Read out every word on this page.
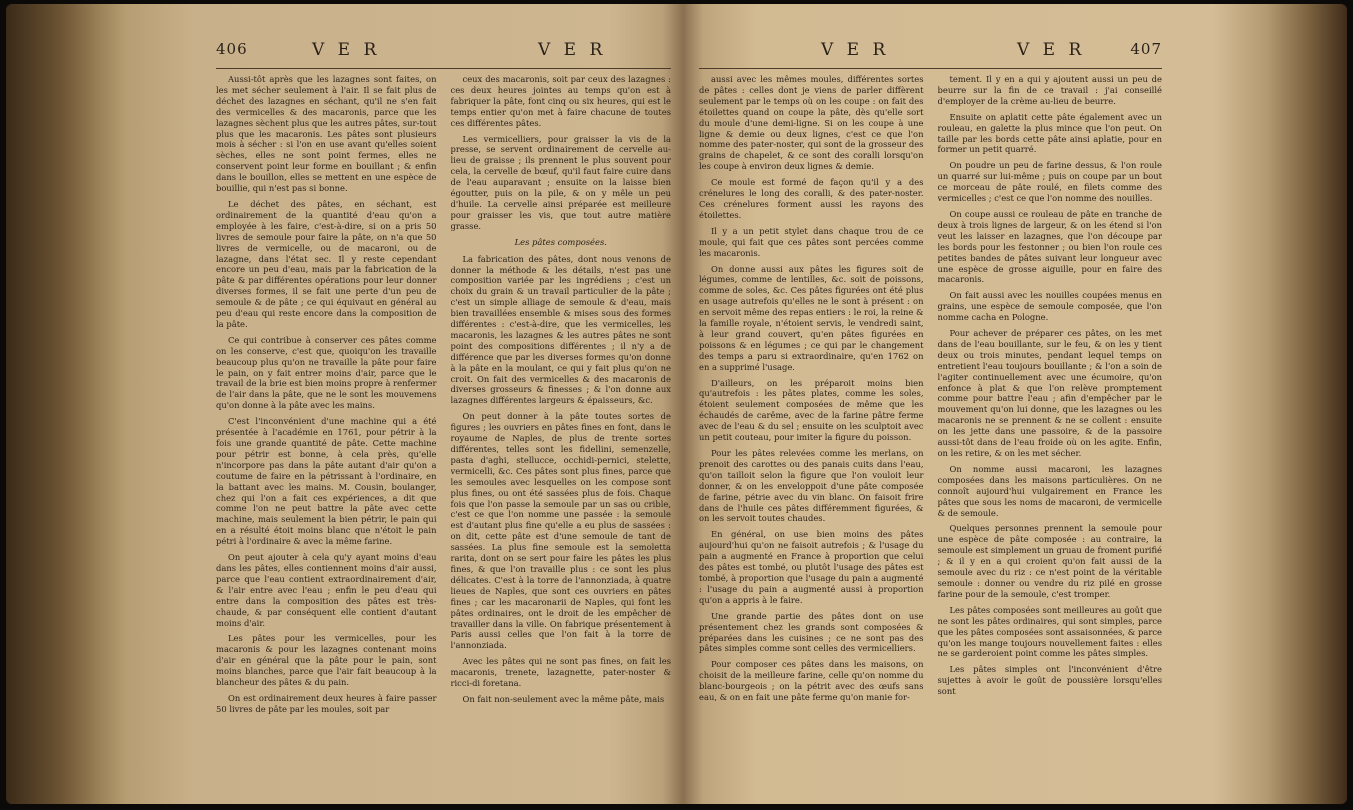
406	V E R	V E R

Aussi-tôt après que les lazagnes sont faites, on les met sécher seulement à l'air. Il se fait plus de déchet des lazagnes en séchant, qu'il ne s'en fait des vermicelles & des macaronis, parce que les lazagnes sèchent plus que les autres pâtes, sur-tout plus que les macaronis. Les pâtes sont plusieurs mois à sécher : si l'on en use avant qu'elles soient sèches, elles ne sont point fermes, elles ne conservent point leur forme en bouillant ; & enfin dans le bouillon, elles se mettent en une espèce de bouillie, qui n'est pas si bonne.

Le déchet des pâtes, en séchant, est ordinairement de la quantité d'eau qu'on a employée à les faire, c'est-à-dire, si on a pris 50 livres de semoule pour faire la pâte, on n'a que 50 livres de vermicelle, ou de macaroni, ou de lazagne, dans l'état sec. Il y reste cependant encore un peu d'eau, mais par la fabrication de la pâte & par différentes opérations pour leur donner diverses formes, il se fait une perte d'un peu de semoule & de pâte ; ce qui équivaut en général au peu d'eau qui reste encore dans la composition de la pâte.

Ce qui contribue à conserver ces pâtes comme on les conserve, c'est que, quoiqu'on les travaille beaucoup plus qu'on ne travaille la pâte pour faire le pain, on y fait entrer moins d'air, parce que le travail de la brie est bien moins propre à renfermer de l'air dans la pâte, que ne le sont les mouvemens qu'on donne à la pâte avec les mains.

C'est l'inconvénient d'une machine qui a été présentée à l'académie en 1761, pour pétrir à la fois une grande quantité de pâte. Cette machine pour pétrir est bonne, à cela près, qu'elle n'incorpore pas dans la pâte autant d'air qu'on a coutume de faire en la pétrissant à l'ordinaire, en la battant avec les mains. M. Cousin, boulanger, chez qui l'on a fait ces expériences, a dit que comme l'on ne peut battre la pâte avec cette machine, mais seulement la bien pétrir, le pain qui en a résulté étoit moins blanc que n'étoit le pain pétri à l'ordinaire & avec la même farine.

On peut ajouter à cela qu'y ayant moins d'eau dans les pâtes, elles contiennent moins d'air aussi, parce que l'eau contient extraordinairement d'air, & l'air entre avec l'eau ; enfin le peu d'eau qui entre dans la composition des pâtes est très-chaude, & par conséquent elle contient d'autant moins d'air.

Les pâtes pour les vermicelles, pour les macaronis & pour les lazagnes contenant moins d'air en général que la pâte pour le pain, sont moins blanches, parce que l'air fait beaucoup à la blancheur des pâtes & du pain.

On est ordinairement deux heures à faire passer 50 livres de pâte par les moules, soit par

ceux des macaronis, soit par ceux des lazagnes : ces deux heures jointes au temps qu'on est à fabriquer la pâte, font cinq ou six heures, qui est le temps entier qu'on met à faire chacune de toutes ces différentes pâtes.

Les vermicelliers, pour graisser la vis de la presse, se servent ordinairement de cervelle au-lieu de graisse ; ils prennent le plus souvent pour cela, la cervelle de bœuf, qu'il faut faire cuire dans de l'eau auparavant ; ensuite on la laisse bien égoutter, puis on la pile, & on y mêle un peu d'huile. La cervelle ainsi préparée est meilleure pour graisser les vis, que tout autre matière grasse.

Les pâtes composées.

La fabrication des pâtes, dont nous venons de donner la méthode & les détails, n'est pas une composition variée par les ingrédiens ; c'est un choix du grain & un travail particulier de la pâte ; c'est un simple alliage de semoule & d'eau, mais bien travaillées ensemble & mises sous des formes différentes : c'est-à-dire, que les vermicelles, les macaronis, les lazagnes & les autres pâtes ne sont point des compositions différentes ; il n'y a de différence que par les diverses formes qu'on donne à la pâte en la moulant, ce qui y fait plus qu'on ne croit. On fait des vermicelles & des macaronis de diverses grosseurs & finesses ; & l'on donne aux lazagnes différentes largeurs & épaisseurs, &c.

On peut donner à la pâte toutes sortes de figures ; les ouvriers en pâtes fines en font, dans le royaume de Naples, de plus de trente sortes différentes, telles sont les fidellini, semenzelle, pasta d'aghi, stellucce, occhidi-pernici, stelette, vermicelli, &c. Ces pâtes sont plus fines, parce que les semoules avec lesquelles on les compose sont plus fines, ou ont été sassées plus de fois. Chaque fois que l'on passe la semoule par un sas ou crible, c'est ce que l'on nomme une passée : la semoule est d'autant plus fine qu'elle a eu plus de sassées : on dit, cette pâte est d'une semoule de tant de sassées. La plus fine semoule est la semoletta rarita, dont on se sert pour faire les pâtes les plus fines, & que l'on travaille plus : ce sont les plus délicates. C'est à la torre de l'annonziada, à quatre lieues de Naples, que sont ces ouvriers en pâtes fines ; car les macaronarii de Naples, qui font les pâtes ordinaires, ont le droit de les empêcher de travailler dans la ville. On fabrique présentement à Paris aussi celles que l'on fait à la torre de l'annonziada.

Avec les pâtes qui ne sont pas fines, on fait les macaronis, trenete, lazagnette, pater-noster & ricci-di foretana.

On fait non-seulement avec la même pâte, mais

V E R	V E R	407

aussi avec les mêmes moules, différentes sortes de pâtes : celles dont je viens de parler diffèrent seulement par le temps où on les coupe : on fait des étoilettes quand on coupe la pâte, dès qu'elle sort du moule d'une demi-ligne. Si on les coupe à une ligne & demie ou deux lignes, c'est ce que l'on nomme des pater-noster, qui sont de la grosseur des grains de chapelet, & ce sont des coralli lorsqu'on les coupe à environ deux lignes & demie.

Ce moule est formé de façon qu'il y a des crénelures le long des coralli, & des pater-noster. Ces crénelures forment aussi les rayons des étoilettes.

Il y a un petit stylet dans chaque trou de ce moule, qui fait que ces pâtes sont percées comme les macaronis.

On donne aussi aux pâtes les figures soit de légumes, comme de lentilles, &c. soit de poissons, comme de soles, &c. Ces pâtes figurées ont été plus en usage autrefois qu'elles ne le sont à présent : on en servoit même des repas entiers : le roi, la reine & la famille royale, n'étoient servis, le vendredi saint, à leur grand couvert, qu'en pâtes figurées en poissons & en légumes ; ce qui par le changement des temps a paru si extraordinaire, qu'en 1762 on en a supprimé l'usage.

D'ailleurs, on les préparoit moins bien qu'autrefois : les pâtes plates, comme les soles, étoient seulement composées de même que les échaudés de carême, avec de la farine pâtre ferme avec de l'eau & du sel ; ensuite on les sculptoit avec un petit couteau, pour imiter la figure du poisson.

Pour les pâtes relevées comme les merlans, on prenoit des carottes ou des panais cuits dans l'eau, qu'on tailloit selon la figure que l'on vouloit leur donner, & on les enveloppoit d'une pâte composée de farine, pétrie avec du vin blanc. On faisoit frire dans de l'huile ces pâtes différemment figurées, & on les servoit toutes chaudes.

En général, on use bien moins des pâtes aujourd'hui qu'on ne faisoit autrefois ; & l'usage du pain a augmenté en France à proportion que celui des pâtes est tombé, ou plutôt l'usage des pâtes est tombé, à proportion que l'usage du pain a augmenté : l'usage du pain a augmenté aussi à proportion qu'on a appris à le faire.

Une grande partie des pâtes dont on use présentement chez les grands sont composées & préparées dans les cuisines ; ce ne sont pas des pâtes simples comme sont celles des vermicelliers.

Pour composer ces pâtes dans les maisons, on choisit de la meilleure farine, celle qu'on nomme du blanc-bourgeois ; on la pétrit avec des œufs sans eau, & on en fait une pâte ferme qu'on manie for-

tement. Il y en a qui y ajoutent aussi un peu de beurre sur la fin de ce travail : j'ai conseillé d'employer de la crème au-lieu de beurre.

Ensuite on aplatit cette pâte également avec un rouleau, en galette la plus mince que l'on peut. On taille par les bords cette pâte ainsi aplatie, pour en former un petit quarré.

On poudre un peu de farine dessus, & l'on roule un quarré sur lui-même ; puis on coupe par un bout ce morceau de pâte roulé, en filets comme des vermicelles ; c'est ce que l'on nomme des nouilles.

On coupe aussi ce rouleau de pâte en tranche de deux à trois lignes de largeur, & on les étend si l'on veut les laisser en lazagnes, que l'on découpe par les bords pour les festonner ; ou bien l'on roule ces petites bandes de pâtes suivant leur longueur avec une espèce de grosse aiguille, pour en faire des macaronis.

On fait aussi avec les nouilles coupées menus en grains, une espèce de semoule composée, que l'on nomme cacha en Pologne.

Pour achever de préparer ces pâtes, on les met dans de l'eau bouillante, sur le feu, & on les y tient deux ou trois minutes, pendant lequel temps on entretient l'eau toujours bouillante ; & l'on a soin de l'agiter continuellement avec une écumoire, qu'on enfonce à plat & que l'on relève promptement comme pour battre l'eau ; afin d'empêcher par le mouvement qu'on lui donne, que les lazagnes ou les macaronis ne se prennent & ne se collent : ensuite on les jette dans une passoire, & de la passoire aussi-tôt dans de l'eau froide où on les agite. Enfin, on les retire, & on les met sécher.

On nomme aussi macaroni, les lazagnes composées dans les maisons particulières. On ne connoît aujourd'hui vulgairement en France les pâtes que sous les noms de macaroni, de vermicelle & de semoule.

Quelques personnes prennent la semoule pour une espèce de pâte composée : au contraire, la semoule est simplement un gruau de froment purifié ; & il y en a qui croient qu'on fait aussi de la semoule avec du riz : ce n'est point de la véritable semoule : donner ou vendre du riz pilé en grosse farine pour de la semoule, c'est tromper.

Les pâtes composées sont meilleures au goût que ne sont les pâtes ordinaires, qui sont simples, parce que les pâtes composées sont assaisonnées, & parce qu'on les mange toujours nouvellement faites : elles ne se garderoient point comme les pâtes simples.

Les pâtes simples ont l'inconvénient d'être sujettes à avoir le goût de poussière lorsqu'elles sont
